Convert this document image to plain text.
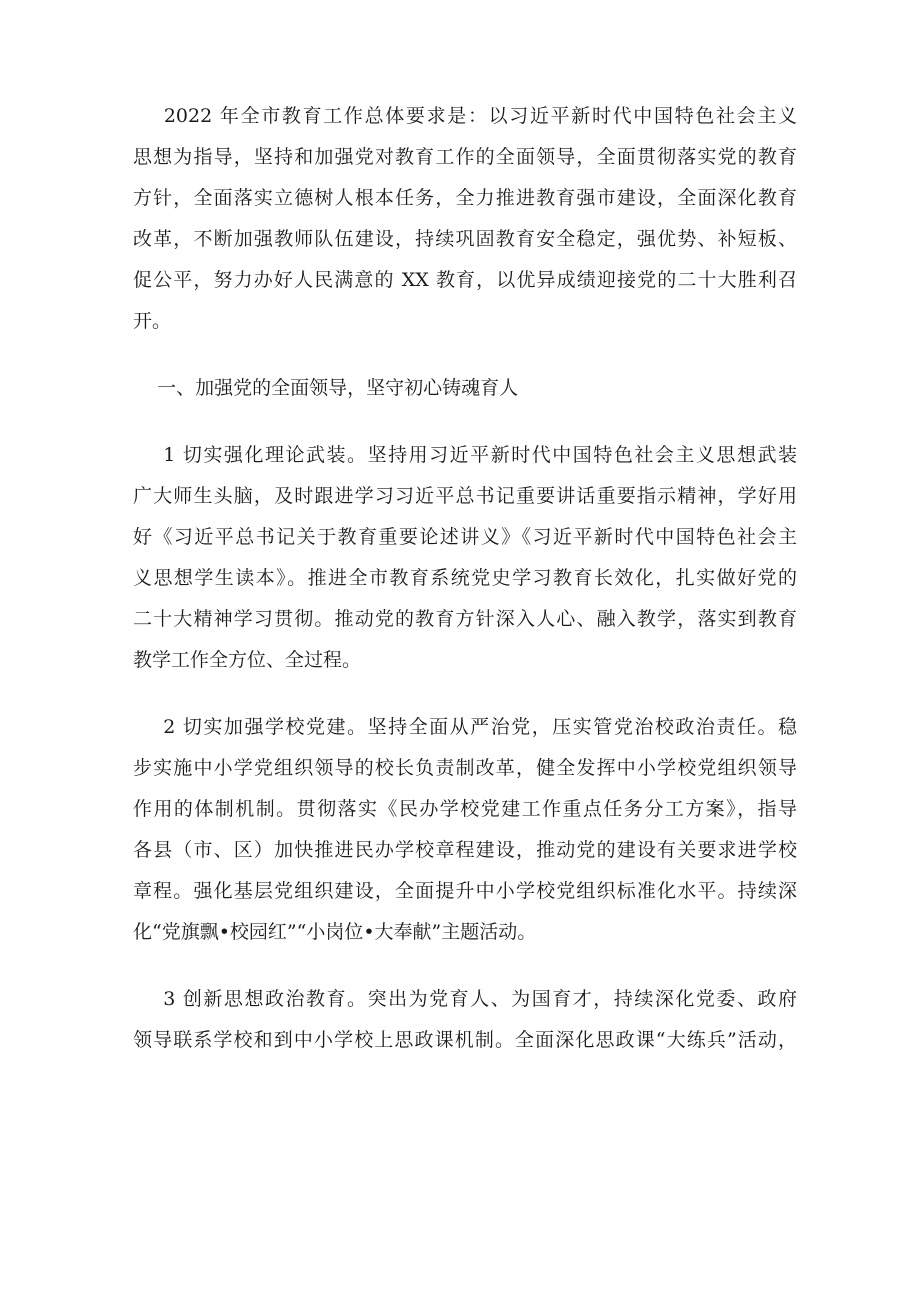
2022 年全市教育工作总体要求是：以习近平新时代中国特色社会主义
思想为指导，坚持和加强党对教育工作的全面领导，全面贯彻落实党的教育
方针，全面落实立德树人根本任务，全力推进教育强市建设，全面深化教育
改革，不断加强教师队伍建设，持续巩固教育安全稳定，强优势、补短板、
促公平，努力办好人民满意的 XX 教育，以优异成绩迎接党的二十大胜利召
开。
一、加强党的全面领导，坚守初心铸魂育人
1 切实强化理论武装。坚持用习近平新时代中国特色社会主义思想武装
广大师生头脑，及时跟进学习习近平总书记重要讲话重要指示精神，学好用
好《习近平总书记关于教育重要论述讲义》《习近平新时代中国特色社会主
义思想学生读本》。推进全市教育系统党史学习教育长效化，扎实做好党的
二十大精神学习贯彻。推动党的教育方针深入人心、融入教学，落实到教育
教学工作全方位、全过程。
2 切实加强学校党建。坚持全面从严治党，压实管党治校政治责任。稳
步实施中小学党组织领导的校长负责制改革，健全发挥中小学校党组织领导
作用的体制机制。贯彻落实《民办学校党建工作重点任务分工方案》，指导
各县（市、区）加快推进民办学校章程建设，推动党的建设有关要求进学校
章程。强化基层党组织建设，全面提升中小学校党组织标准化水平。持续深
化“党旗飘•校园红”“小岗位•大奉献”主题活动。
3 创新思想政治教育。突出为党育人、为国育才，持续深化党委、政府
领导联系学校和到中小学校上思政课机制。全面深化思政课“大练兵”活动，
